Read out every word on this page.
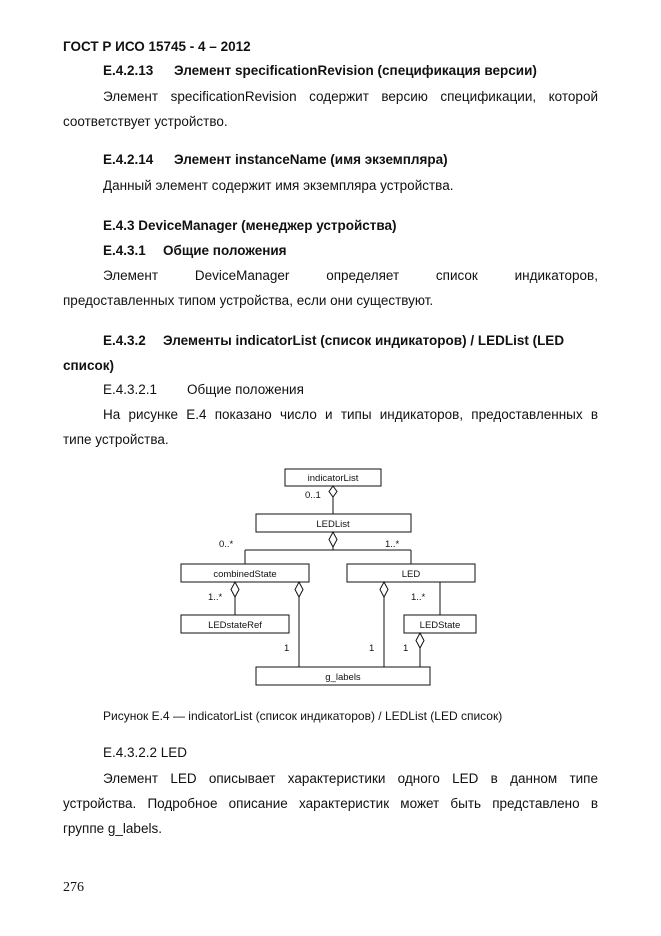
ГОСТ Р ИСО 15745 - 4 – 2012
E.4.2.13 Элемент specificationRevision (спецификация версии)
Элемент specificationRevision содержит версию спецификации, которой
соответствует устройство.
E.4.2.14 Элемент instanceName (имя экземпляра)
Данный элемент содержит имя экземпляра устройства.
E.4.3 DeviceManager (менеджер устройства)
E.4.3.1 Общие положения
Элемент	DeviceManager	определяет	список	индикаторов,
предоставленных типом устройства, если они существуют.
E.4.3.2 Элементы indicatorList (список индикаторов) / LEDList (LED
список)
E.4.3.2.1 Общие положения
На рисунке Е.4 показано число и типы индикаторов, предоставленных в
типе устройства.
indicatorList
LEDList
combinedState	LED
LEDstateRef	LEDState
g_labels
0..1
0..*	1..*
1..*	1..*
1	1	1
Рисунок Е.4 — indicatorList (список индикаторов) / LEDList (LED список)
E.4.3.2.2 LED
Элемент LED описывает характеристики одного LED в данном типе
устройства. Подробное описание характеристик может быть представлено в
группе g_labels.
276
